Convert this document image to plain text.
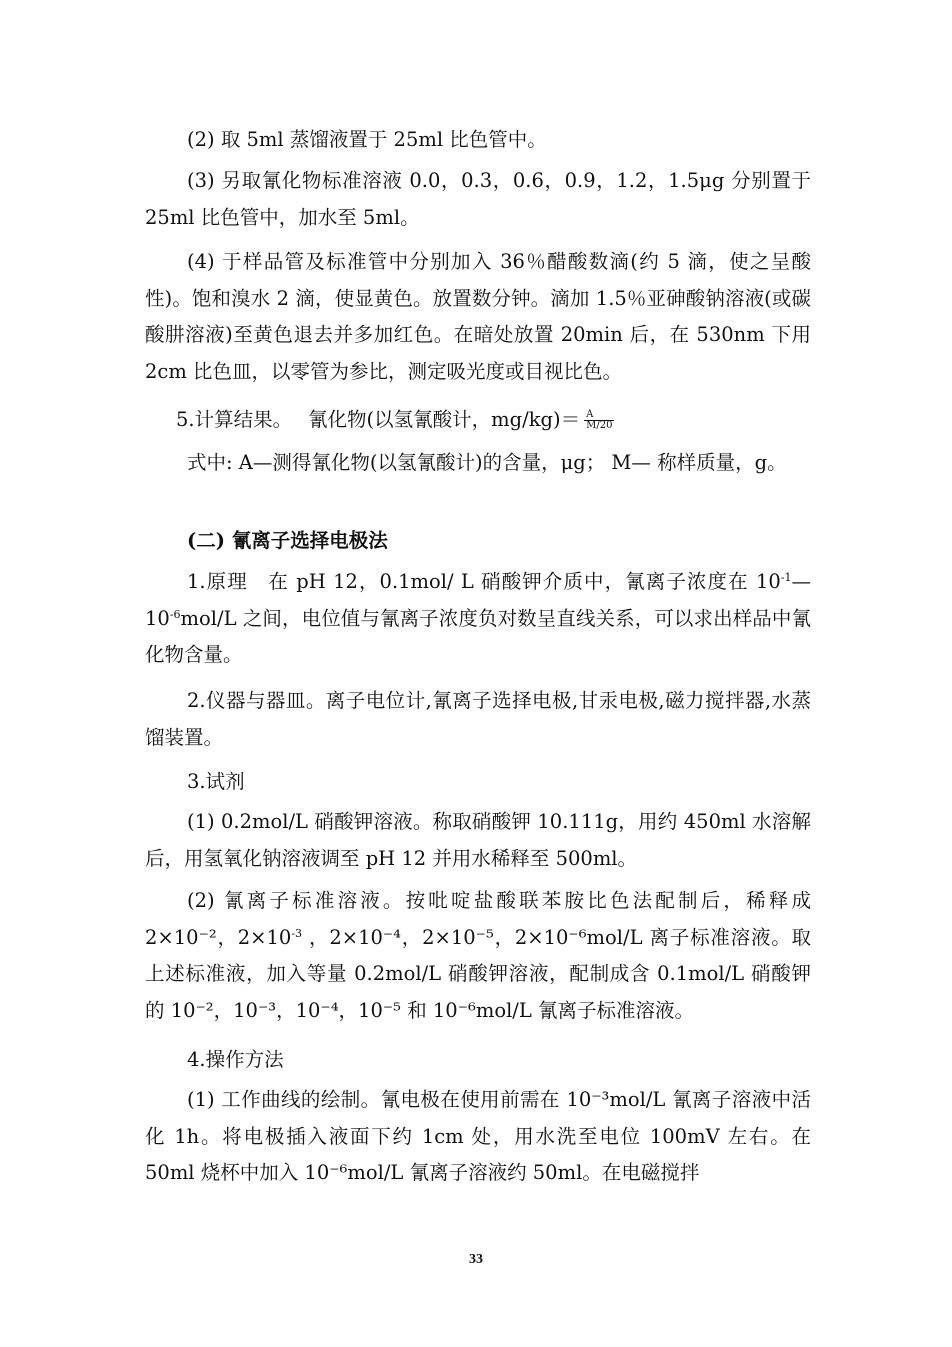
(2) 取 5ml 蒸馏液置于 25ml 比色管中。

(3) 另取氰化物标准溶液 0.0，0.3，0.6，0.9，1.2，1.5μg 分别置于 25ml 比色管中，加水至 5ml。

(4) 于样品管及标准管中分别加入 36％醋酸数滴(约 5 滴，使之呈酸性)。饱和溴水 2 滴，使显黄色。放置数分钟。滴加 1.5％亚砷酸钠溶液(或碳酸肼溶液)至黄色退去并多加红色。在暗处放置 20min 后，在 530nm 下用 2cm 比色皿，以零管为参比，测定吸光度或目视比色。

5.计算结果。　 氰化物(以氢氰酸计，$mg/kg)= \frac{A}{M/20}$

式中: A—测得氰化物(以氢氰酸计)的含量，μg； M— 称样质量，g。

(二) 氰离子选择电极法

1.原理　在 pH 12，0.1mol/ L 硝酸钾介质中，氰离子浓度在 $10^{-1}—10^{-6}mol/L$ 之间，电位值与氰离子浓度负对数呈直线关系，可以求出样品中氰化物含量。

2.仪器与器皿。离子电位计,氰离子选择电极,甘汞电极,磁力搅拌器,水蒸馏装置。

3.试剂

(1) 0.2mol/L 硝酸钾溶液。称取硝酸钾 10.111g，用约 450ml 水溶解后，用氢氧化钠溶液调至 pH 12 并用水稀释至 500ml。

(2) 氰离子标准溶液。按吡啶盐酸联苯胺比色法配制后，稀释成 2×10⁻²，$2\times 10^{-3}$ ，2×10⁻⁴，2×10⁻⁵，2×10⁻⁶mol/L 离子标准溶液。取上述标准液，加入等量 0.2mol/L 硝酸钾溶液，配制成含 0.1mol/L 硝酸钾的 10⁻²，10⁻³，10⁻⁴，10⁻⁵ 和 10⁻⁶mol/L 氰离子标准溶液。

4.操作方法

(1) 工作曲线的绘制。氰电极在使用前需在 10⁻³mol/L 氰离子溶液中活化 1h。将电极插入液面下约 1cm 处，用水洗至电位 100mV 左右。在 50ml 烧杯中加入 10⁻⁶mol/L 氰离子溶液约 50ml。在电磁搅拌

33
